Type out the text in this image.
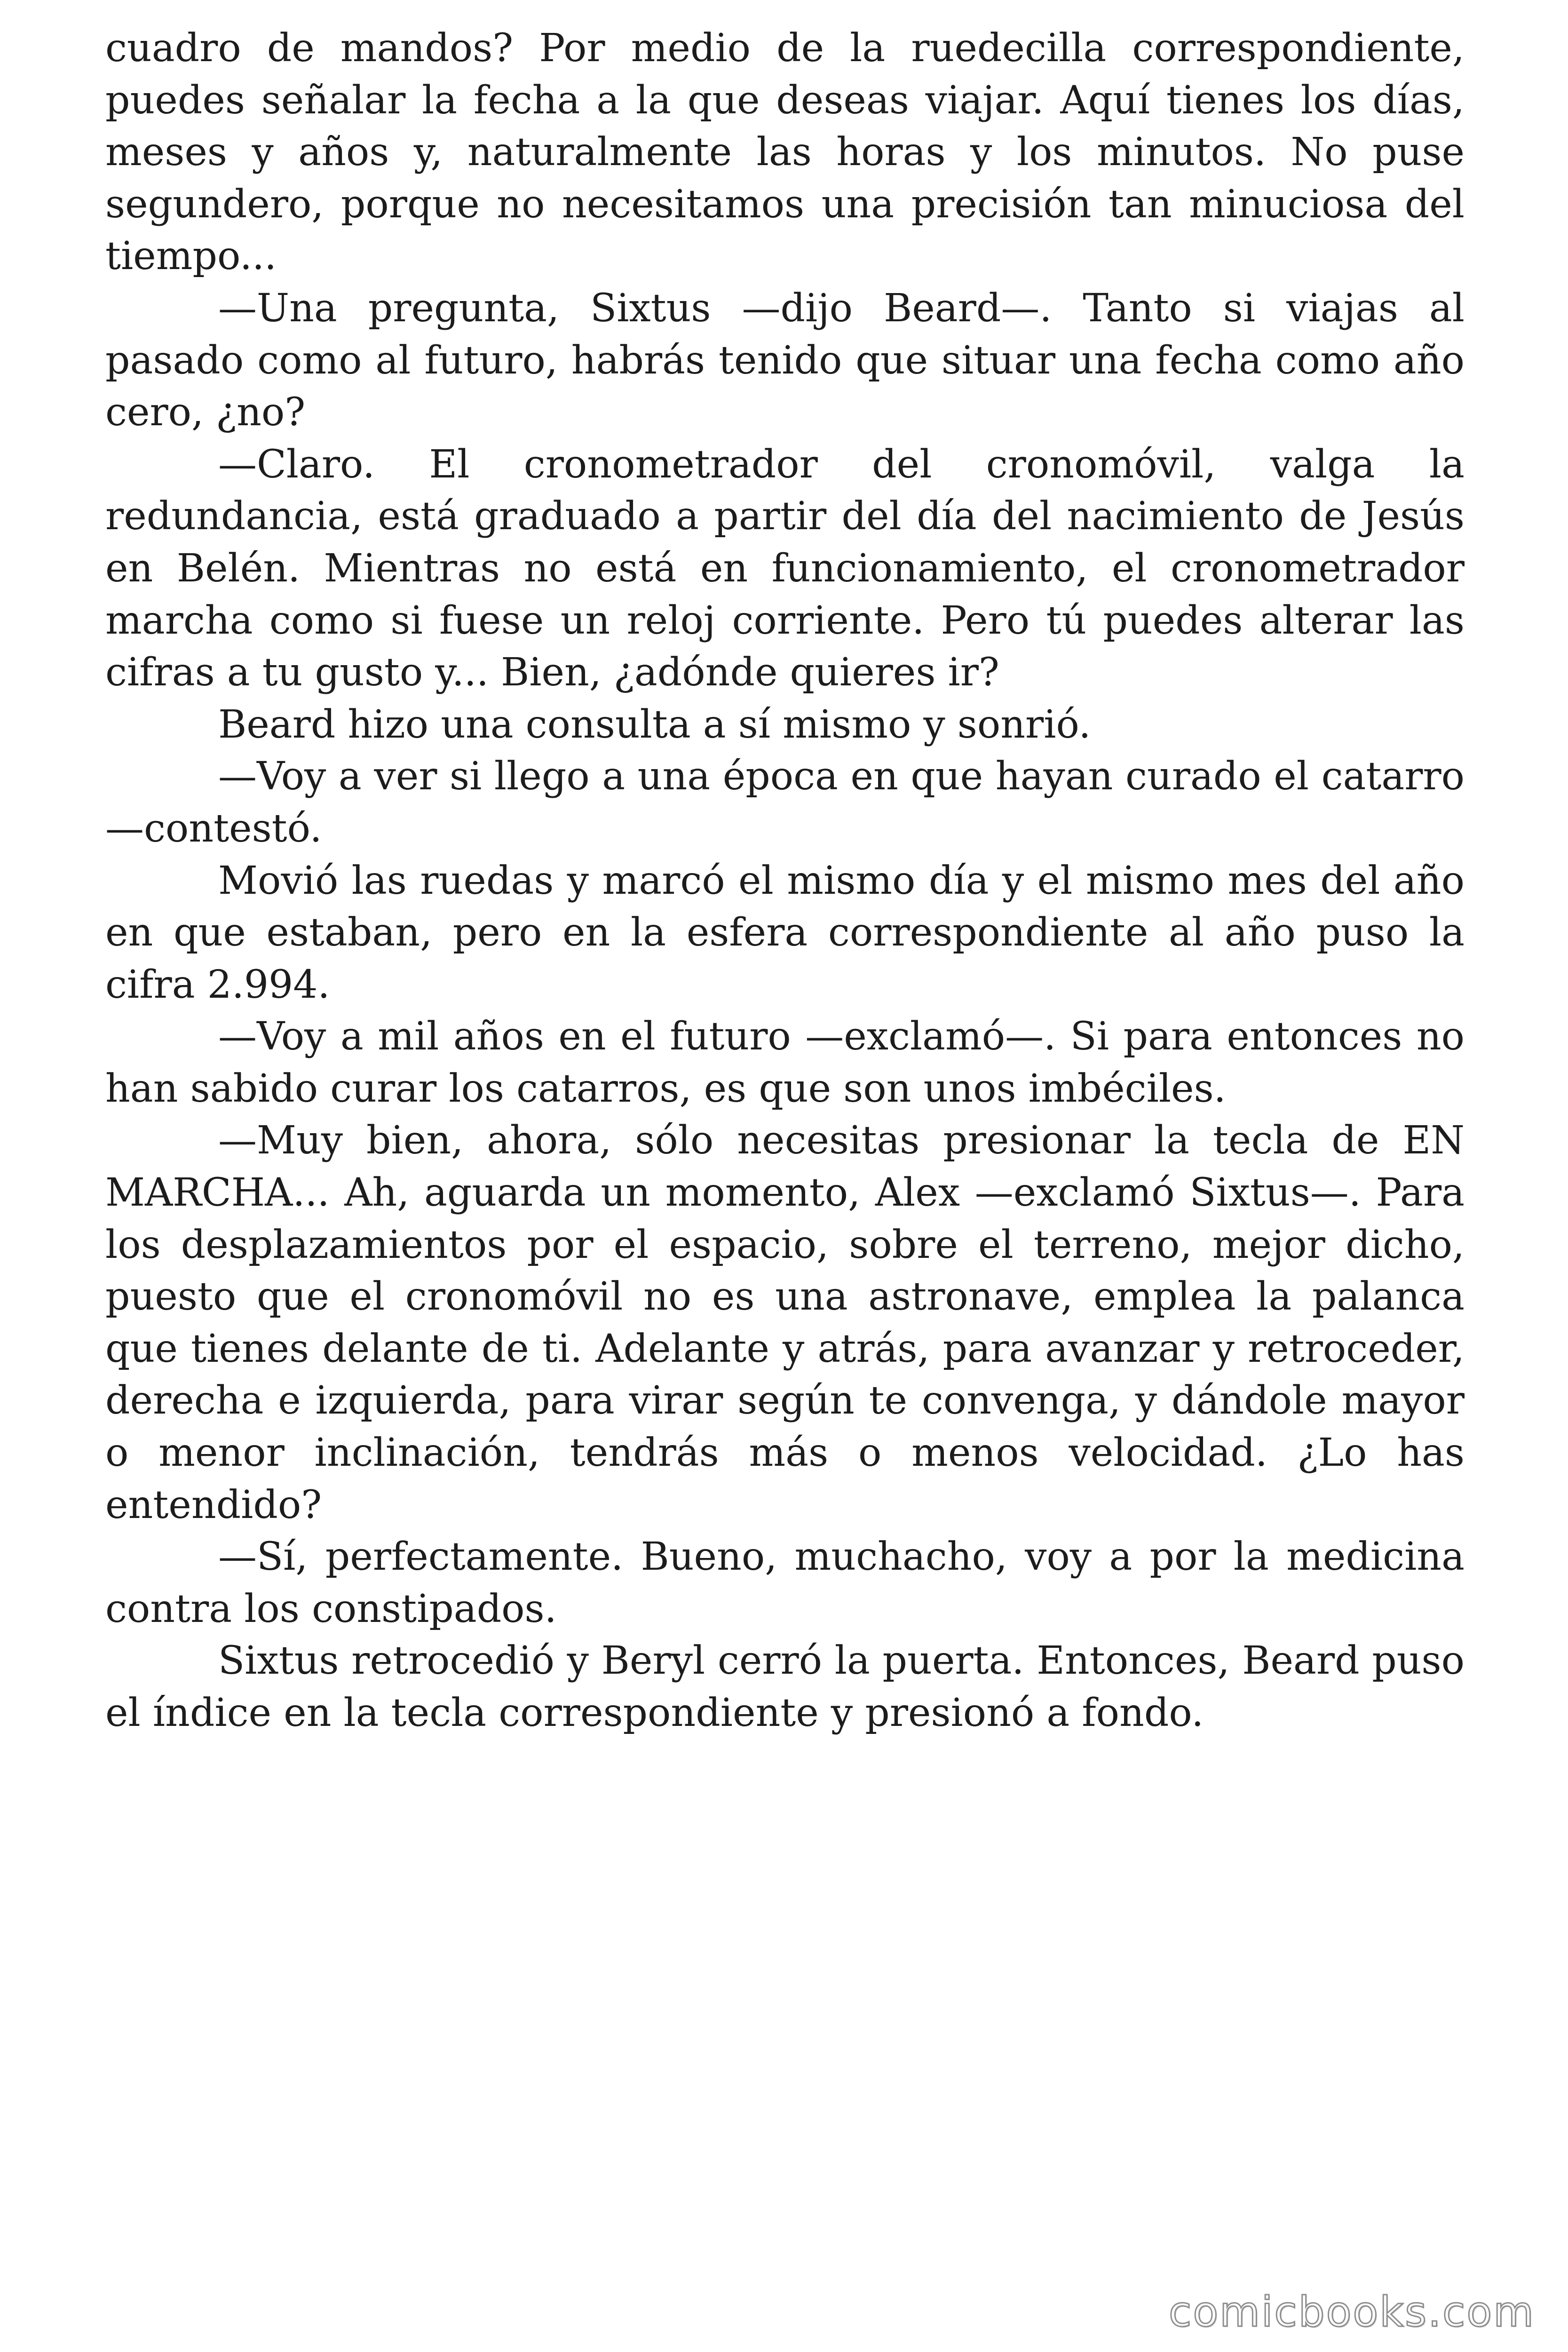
cuadro de mandos? Por medio de la ruedecilla correspondiente, puedes señalar la fecha a la que deseas viajar. Aquí tienes los días, meses y años y, naturalmente las horas y los minutos. No puse segundero, porque no necesitamos una precisión tan minuciosa del tiempo...

—Una pregunta, Sixtus —dijo Beard—. Tanto si viajas al pasado como al futuro, habrás tenido que situar una fecha como año cero, ¿no?

—Claro. El cronometrador del cronomóvil, valga la redundancia, está graduado a partir del día del nacimiento de Jesús en Belén. Mientras no está en funcionamiento, el cronometrador marcha como si fuese un reloj corriente. Pero tú puedes alterar las cifras a tu gusto y... Bien, ¿adónde quieres ir?

Beard hizo una consulta a sí mismo y sonrió.

—Voy a ver si llego a una época en que hayan curado el catarro —contestó.

Movió las ruedas y marcó el mismo día y el mismo mes del año en que estaban, pero en la esfera correspondiente al año puso la cifra 2.994.

—Voy a mil años en el futuro —exclamó—. Si para entonces no han sabido curar los catarros, es que son unos imbéciles.

—Muy bien, ahora, sólo necesitas presionar la tecla de EN MARCHA... Ah, aguarda un momento, Alex —exclamó Sixtus—. Para los desplazamientos por el espacio, sobre el terreno, mejor dicho, puesto que el cronomóvil no es una astronave, emplea la palanca que tienes delante de ti. Adelante y atrás, para avanzar y retroceder, derecha e izquierda, para virar según te convenga, y dándole mayor o menor inclinación, tendrás más o menos velocidad. ¿Lo has entendido?

—Sí, perfectamente. Bueno, muchacho, voy a por la medicina contra los constipados.

Sixtus retrocedió y Beryl cerró la puerta. Entonces, Beard puso el índice en la tecla correspondiente y presionó a fondo.

comicbooks.com
